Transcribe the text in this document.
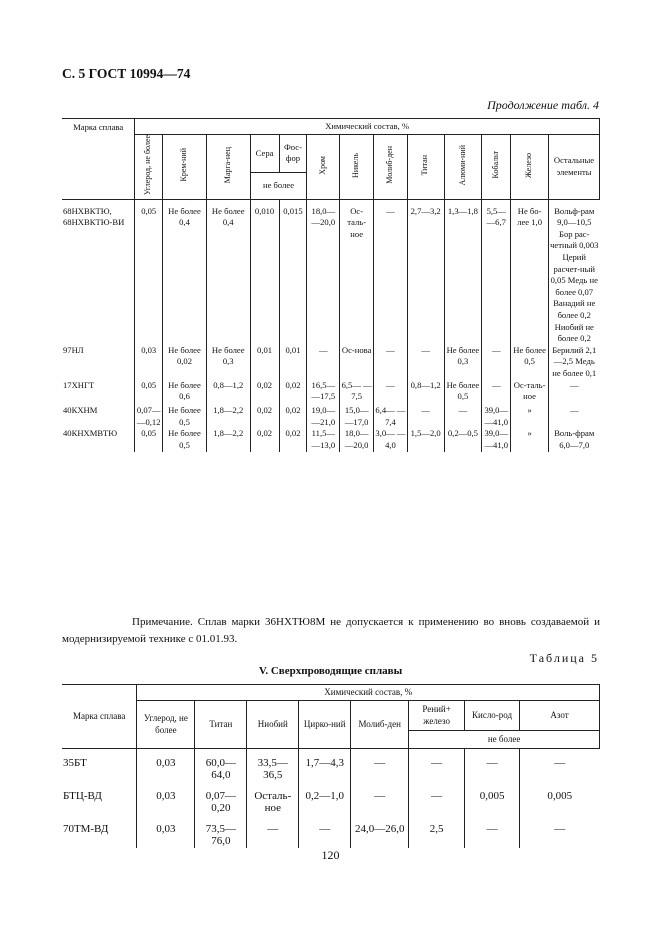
С. 5 ГОСТ 10994—74
Продолжение табл. 4
Марка сплава	Химический состав, %												
	Углерод, не более	Крем-ний	Марга-нец	Сера	Фос-фор	Хром	Никель	Молиб-ден	Титан	Алюми-ний	Кобальт	Железо	Остальные элементы
				не более									
68НХВКТЮ, 68НХВКТЮ-ВИ	0,05	Не более 0,4	Не более 0,4	0,010	0,015	18,0— —20,0	Ос-таль-ное	—	2,7—3,2	1,3—1,8	5,5— —6,7	Не бо-лее 1,0	Вольф-рам 9,0—10,5 Бор рас-четный 0,003 Церий расчет-ный 0,05 Медь не более 0,07 Ванадий не более 0,2 Ниобий не более 0,2
97НЛ	0,03	Не более 0,02	Не более 0,3	0,01	0,01	—	Ос-нова	—	—	Не более 0,3	—	Не более 0,5	Берилий 2,1—2,5 Медь не более 0,1
17ХНГТ	0,05	Не более 0,6	0,8—1,2	0,02	0,02	16,5— —17,5	6,5— —7,5	—	0,8—1,2	Не более 0,5	—	Ос-таль-ное	—
40КХНМ	0,07— —0,12	Не более 0,5	1,8—2,2	0,02	0,02	19,0— —21,0	15,0— —17,0	6,4— —7,4	—	—	39,0— —41,0	»	—
40КНХМВТЮ	0,05	Не более 0,5	1,8—2,2	0,02	0,02	11,5— —13,0	18,0— —20,0	3,0— —4,0	1,5—2,0	0,2—0,5	39,0— —41,0	»	Воль-фрам 6,0—7,0
Примечание. Сплав марки 36НХТЮ8М не допускается к применению во вновь создаваемой и модернизируемой технике с 01.01.93.
Таблица 5
V. Сверхпроводящие сплавы
Марка сплава	Химический состав, %							
	Углерод, не более	Титан	Ниобий	Цирко-ний	Молиб-ден	Рений+ железо	Кисло-род	Азот
						не более		
35БТ	0,03	60,0—64,0	33,5—36,5	1,7—4,3	—	—	—	—
БТЦ-ВД	0,03	0,07—0,20	Осталь-ное	0,2—1,0	—	—	0,005	0,005
70ТМ-ВД	0,03	73,5—76,0	—	—	24,0—26,0	2,5	—	—
120
